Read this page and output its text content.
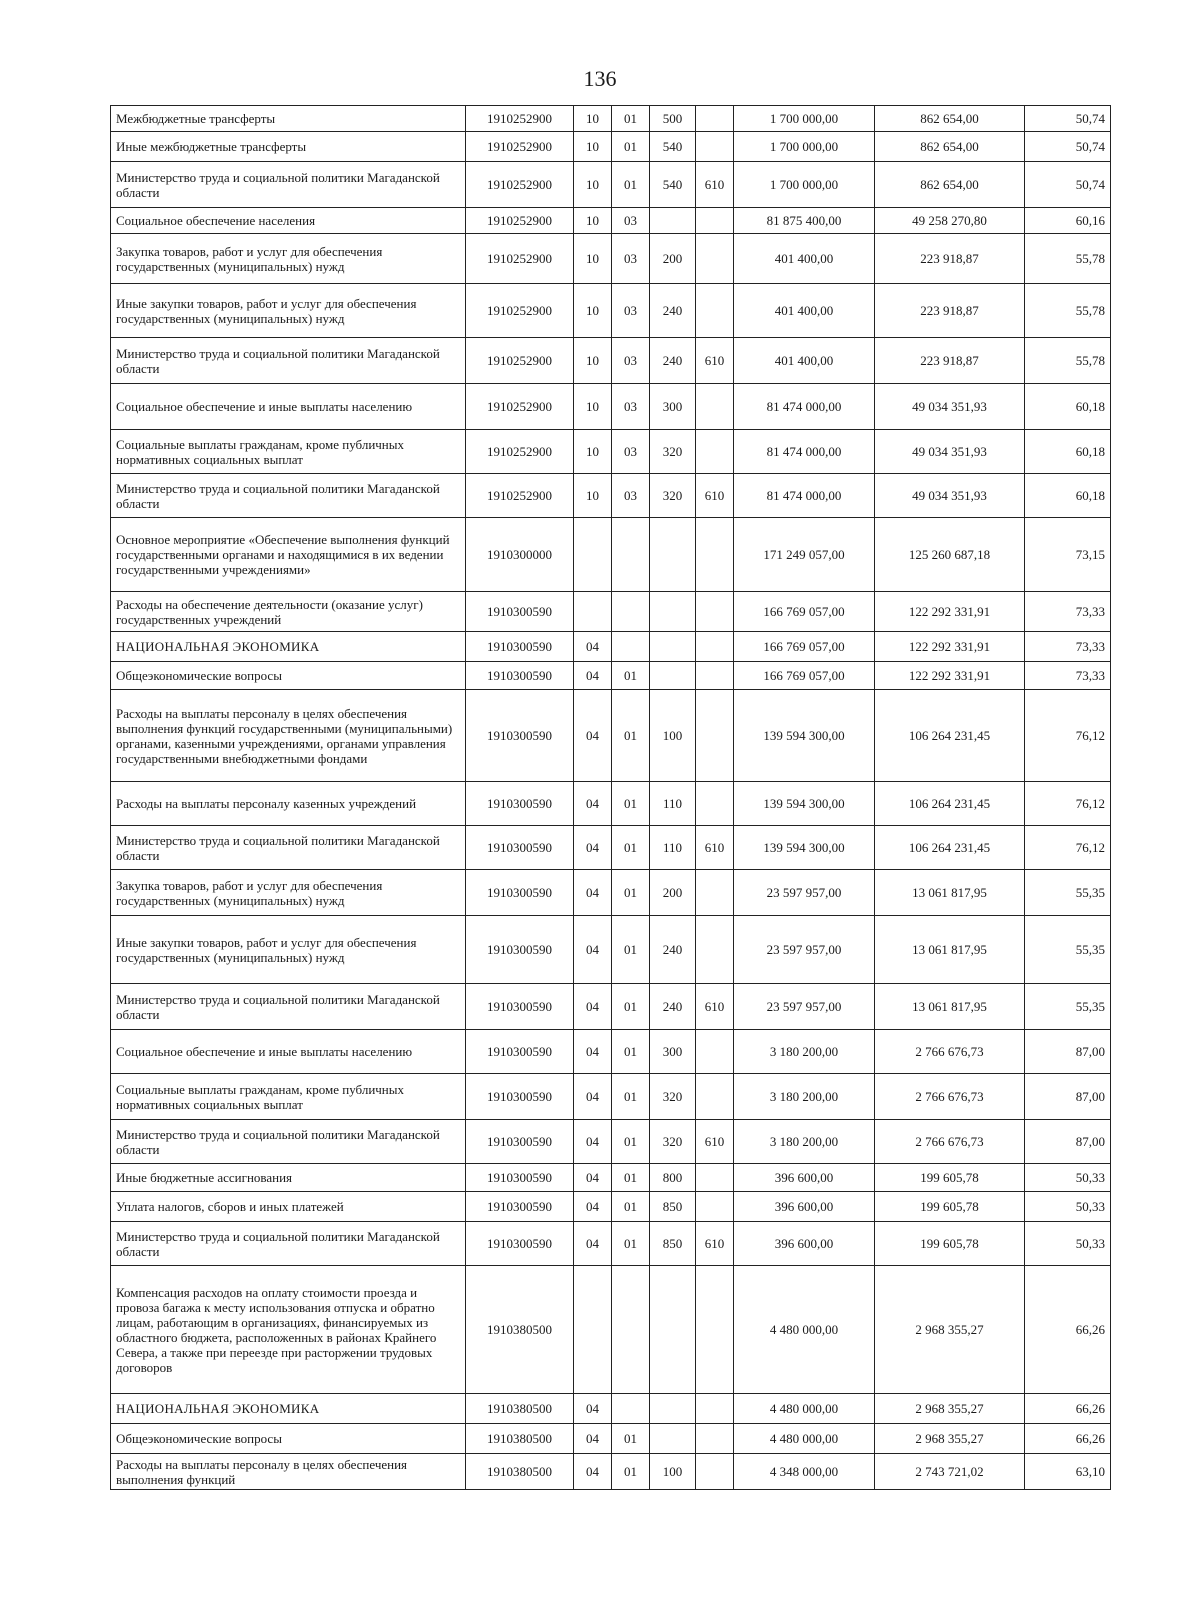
136
Межбюджетные трансферты	1910252900	10	01	500		1 700 000,00	862 654,00	50,74
Иные межбюджетные трансферты	1910252900	10	01	540		1 700 000,00	862 654,00	50,74
Министерство труда и социальной политики Магаданской области	1910252900	10	01	540	610	1 700 000,00	862 654,00	50,74
Социальное обеспечение населения	1910252900	10	03			81 875 400,00	49 258 270,80	60,16
Закупка товаров, работ и услуг для обеспечения государственных (муниципальных) нужд	1910252900	10	03	200		401 400,00	223 918,87	55,78
Иные закупки товаров, работ и услуг для обеспечения государственных (муниципальных) нужд	1910252900	10	03	240		401 400,00	223 918,87	55,78
Министерство труда и социальной политики Магаданской области	1910252900	10	03	240	610	401 400,00	223 918,87	55,78
Социальное обеспечение и иные выплаты населению	1910252900	10	03	300		81 474 000,00	49 034 351,93	60,18
Социальные выплаты гражданам, кроме публичных нормативных социальных выплат	1910252900	10	03	320		81 474 000,00	49 034 351,93	60,18
Министерство труда и социальной политики Магаданской области	1910252900	10	03	320	610	81 474 000,00	49 034 351,93	60,18
Основное мероприятие «Обеспечение выполнения функций государственными органами и находящимися в их ведении государственными учреждениями»	1910300000					171 249 057,00	125 260 687,18	73,15
Расходы на обеспечение деятельности (оказание услуг) государственных учреждений	1910300590					166 769 057,00	122 292 331,91	73,33
НАЦИОНАЛЬНАЯ ЭКОНОМИКА	1910300590	04				166 769 057,00	122 292 331,91	73,33
Общеэкономические вопросы	1910300590	04	01			166 769 057,00	122 292 331,91	73,33
Расходы на выплаты персоналу в целях обеспечения выполнения функций государственными (муниципальными) органами, казенными учреждениями, органами управления государственными внебюджетными фондами	1910300590	04	01	100		139 594 300,00	106 264 231,45	76,12
Расходы на выплаты персоналу казенных учреждений	1910300590	04	01	110		139 594 300,00	106 264 231,45	76,12
Министерство труда и социальной политики Магаданской области	1910300590	04	01	110	610	139 594 300,00	106 264 231,45	76,12
Закупка товаров, работ и услуг для обеспечения государственных (муниципальных) нужд	1910300590	04	01	200		23 597 957,00	13 061 817,95	55,35
Иные закупки товаров, работ и услуг для обеспечения государственных (муниципальных) нужд	1910300590	04	01	240		23 597 957,00	13 061 817,95	55,35
Министерство труда и социальной политики Магаданской области	1910300590	04	01	240	610	23 597 957,00	13 061 817,95	55,35
Социальное обеспечение и иные выплаты населению	1910300590	04	01	300		3 180 200,00	2 766 676,73	87,00
Социальные выплаты гражданам, кроме публичных нормативных социальных выплат	1910300590	04	01	320		3 180 200,00	2 766 676,73	87,00
Министерство труда и социальной политики Магаданской области	1910300590	04	01	320	610	3 180 200,00	2 766 676,73	87,00
Иные бюджетные ассигнования	1910300590	04	01	800		396 600,00	199 605,78	50,33
Уплата налогов, сборов и иных платежей	1910300590	04	01	850		396 600,00	199 605,78	50,33
Министерство труда и социальной политики Магаданской области	1910300590	04	01	850	610	396 600,00	199 605,78	50,33
Компенсация расходов на оплату стоимости проезда и провоза багажа к месту использования отпуска и обратно лицам, работающим в организациях, финансируемых из областного бюджета, расположенных в районах Крайнего Севера, а также при переезде при расторжении трудовых договоров	1910380500					4 480 000,00	2 968 355,27	66,26
НАЦИОНАЛЬНАЯ ЭКОНОМИКА	1910380500	04				4 480 000,00	2 968 355,27	66,26
Общеэкономические вопросы	1910380500	04	01			4 480 000,00	2 968 355,27	66,26
Расходы на выплаты персоналу в целях обеспечения выполнения функций	1910380500	04	01	100		4 348 000,00	2 743 721,02	63,10
